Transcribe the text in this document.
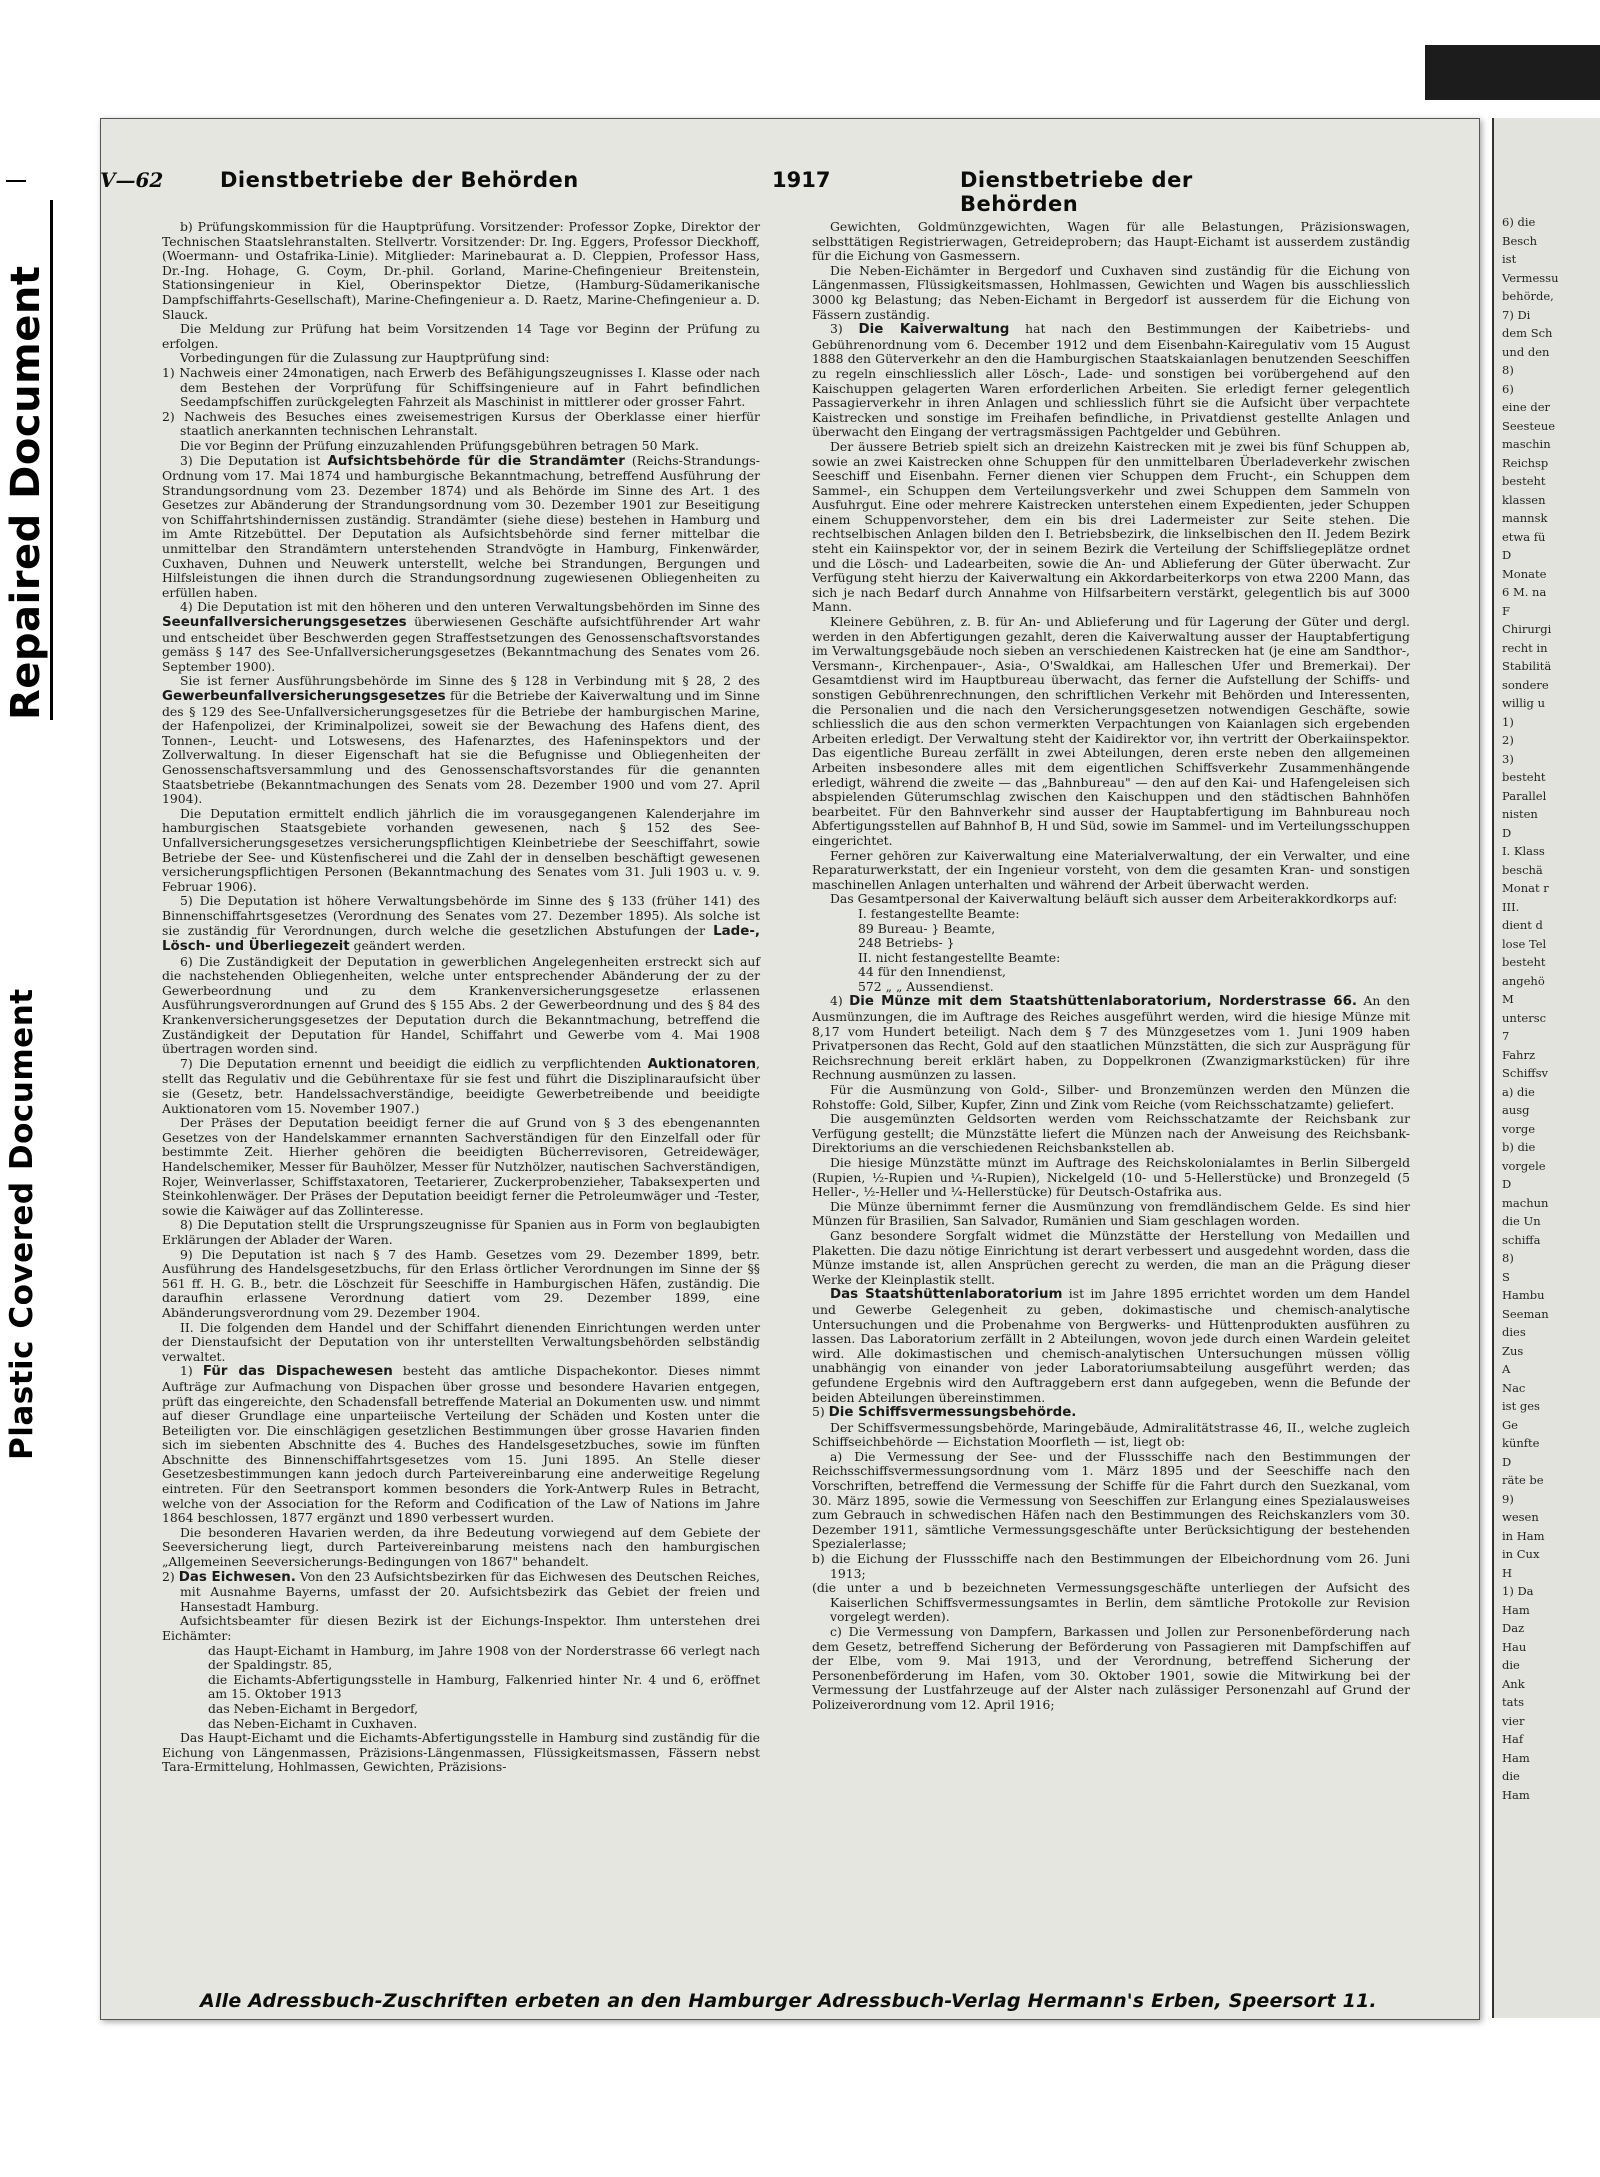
Repaired Document
Plastic Covered Document
6) die
Besch
ist
Vermessu
behörde,
7) Di
dem Sch
und den
8)
6)
eine der
Seesteue
maschin
Reichsp
besteht
klassen
mannsk
etwa fü
D
Monate
6 M. na
F
Chirurgi
recht in
Stabilitä
sondere
willig u
1)
2)
3)
besteht
Parallel
nisten
D
I. Klass
beschä
Monat r
III.
dient d
lose Tel
besteht
angehö
M
untersc
7
Fahrz
Schiffsv
a) die
ausg
vorge
b) die
vorgele
D
machun
die Un
schiffa
8)
S
Hambu
Seeman
dies
Zus
A
Nac
ist ges
Ge
künfte
D
räte be
9)
wesen
in Ham
in Cux
H
1) Da
Ham
Daz
Hau
die
Ank
tats
vier
Haf
Ham
die
Ham
V—62	Dienstbetriebe der Behörden	1917	Dienstbetriebe der Behörden

b) Prüfungskommission für die Hauptprüfung. Vorsitzender: Professor Zopke, Direktor der Technischen Staatslehranstalten. Stellvertr. Vorsitzender: Dr. Ing. Eggers, Professor Dieckhoff, (Woermann- und Ostafrika-Linie). Mitglieder: Marinebaurat a. D. Cleppien, Professor Hass, Dr.-Ing. Hohage, G. Coym, Dr.-phil. Gorland, Marine-Chefingenieur Breitenstein, Stationsingenieur in Kiel, Oberinspektor Dietze, (Hamburg-Südamerikanische Dampfschiffahrts-Gesellschaft), Marine-Chefingenieur a. D. Raetz, Marine-Chefingenieur a. D. Slauck.

Die Meldung zur Prüfung hat beim Vorsitzenden 14 Tage vor Beginn der Prüfung zu erfolgen.

Vorbedingungen für die Zulassung zur Hauptprüfung sind:

1) Nachweis einer 24monatigen, nach Erwerb des Befähigungszeugnisses I. Klasse oder nach dem Bestehen der Vorprüfung für Schiffsingenieure auf in Fahrt befindlichen Seedampfschiffen zurückgelegten Fahrzeit als Maschinist in mittlerer oder grosser Fahrt.

2) Nachweis des Besuches eines zweisemestrigen Kursus der Oberklasse einer hierfür staatlich anerkannten technischen Lehranstalt.

Die vor Beginn der Prüfung einzuzahlenden Prüfungsgebühren betragen 50 Mark.

3) Die Deputation ist Aufsichtsbehörde für die Strandämter (Reichs-Strandungs-Ordnung vom 17. Mai 1874 und hamburgische Bekanntmachung, betreffend Ausführung der Strandungsordnung vom 23. Dezember 1874) und als Behörde im Sinne des Art. 1 des Gesetzes zur Abänderung der Strandungsordnung vom 30. Dezember 1901 zur Beseitigung von Schiffahrtshindernissen zuständig. Strandämter (siehe diese) bestehen in Hamburg und im Amte Ritzebüttel. Der Deputation als Aufsichtsbehörde sind ferner mittelbar die unmittelbar den Strandämtern unterstehenden Strandvögte in Hamburg, Finkenwärder, Cuxhaven, Duhnen und Neuwerk unterstellt, welche bei Strandungen, Bergungen und Hilfsleistungen die ihnen durch die Strandungsordnung zugewiesenen Obliegenheiten zu erfüllen haben.

4) Die Deputation ist mit den höheren und den unteren Verwaltungsbehörden im Sinne des Seeunfallversicherungsgesetzes überwiesenen Geschäfte aufsichtführender Art wahr und entscheidet über Beschwerden gegen Straffestsetzungen des Genossenschaftsvorstandes gemäss § 147 des See-Unfallversicherungsgesetzes (Bekanntmachung des Senates vom 26. September 1900).

Sie ist ferner Ausführungsbehörde im Sinne des § 128 in Verbindung mit § 28, 2 des Gewerbeunfallversicherungsgesetzes für die Betriebe der Kaiverwaltung und im Sinne des § 129 des See-Unfallversicherungsgesetzes für die Betriebe der hamburgischen Marine, der Hafenpolizei, der Kriminalpolizei, soweit sie der Bewachung des Hafens dient, des Tonnen-, Leucht- und Lotswesens, des Hafenarztes, des Hafeninspektors und der Zollverwaltung. In dieser Eigenschaft hat sie die Befugnisse und Obliegenheiten der Genossenschaftsversammlung und des Genossenschaftsvorstandes für die genannten Staatsbetriebe (Bekanntmachungen des Senats vom 28. Dezember 1900 und vom 27. April 1904).

Die Deputation ermittelt endlich jährlich die im vorausgegangenen Kalenderjahre im hamburgischen Staatsgebiete vorhanden gewesenen, nach § 152 des See-Unfallversicherungsgesetzes versicherungspflichtigen Kleinbetriebe der Seeschiffahrt, sowie Betriebe der See- und Küstenfischerei und die Zahl der in denselben beschäftigt gewesenen versicherungspflichtigen Personen (Bekanntmachung des Senates vom 31. Juli 1903 u. v. 9. Februar 1906).

5) Die Deputation ist höhere Verwaltungsbehörde im Sinne des § 133 (früher 141) des Binnenschiffahrtsgesetzes (Verordnung des Senates vom 27. Dezember 1895). Als solche ist sie zuständig für Verordnungen, durch welche die gesetzlichen Abstufungen der Lade-, Lösch- und Überliegezeit geändert werden.

6) Die Zuständigkeit der Deputation in gewerblichen Angelegenheiten erstreckt sich auf die nachstehenden Obliegenheiten, welche unter entsprechender Abänderung der zu der Gewerbeordnung und zu dem Krankenversicherungsgesetze erlassenen Ausführungsverordnungen auf Grund des § 155 Abs. 2 der Gewerbeordnung und des § 84 des Krankenversicherungsgesetzes der Deputation durch die Bekanntmachung, betreffend die Zuständigkeit der Deputation für Handel, Schiffahrt und Gewerbe vom 4. Mai 1908 übertragen worden sind.

7) Die Deputation ernennt und beeidigt die eidlich zu verpflichtenden Auktionatoren, stellt das Regulativ und die Gebührentaxe für sie fest und führt die Disziplinaraufsicht über sie (Gesetz, betr. Handelssachverständige, beeidigte Gewerbetreibende und beeidigte Auktionatoren vom 15. November 1907.)

Der Präses der Deputation beeidigt ferner die auf Grund von § 3 des ebengenannten Gesetzes von der Handelskammer ernannten Sachverständigen für den Einzelfall oder für bestimmte Zeit. Hierher gehören die beeidigten Bücherrevisoren, Getreidewäger, Handelschemiker, Messer für Bauhölzer, Messer für Nutzhölzer, nautischen Sachverständigen, Rojer, Weinverlasser, Schiffstaxatoren, Teetarierer, Zuckerprobenzieher, Tabaksexperten und Steinkohlenwäger. Der Präses der Deputation beeidigt ferner die Petroleumwäger und -Tester, sowie die Kaiwäger auf das Zollinteresse.

8) Die Deputation stellt die Ursprungszeugnisse für Spanien aus in Form von beglaubigten Erklärungen der Ablader der Waren.

9) Die Deputation ist nach § 7 des Hamb. Gesetzes vom 29. Dezember 1899, betr. Ausführung des Handelsgesetzbuchs, für den Erlass örtlicher Verordnungen im Sinne der §§ 561 ff. H. G. B., betr. die Löschzeit für Seeschiffe in Hamburgischen Häfen, zuständig. Die daraufhin erlassene Verordnung datiert vom 29. Dezember 1899, eine Abänderungsverordnung vom 29. Dezember 1904.

II. Die folgenden dem Handel und der Schiffahrt dienenden Einrichtungen werden unter der Dienstaufsicht der Deputation von ihr unterstellten Verwaltungsbehörden selbständig verwaltet.

1) Für das Dispachewesen besteht das amtliche Dispachekontor. Dieses nimmt Aufträge zur Aufmachung von Dispachen über grosse und besondere Havarien entgegen, prüft das eingereichte, den Schadensfall betreffende Material an Dokumenten usw. und nimmt auf dieser Grundlage eine unparteiische Verteilung der Schäden und Kosten unter die Beteiligten vor. Die einschlägigen gesetzlichen Bestimmungen über grosse Havarien finden sich im siebenten Abschnitte des 4. Buches des Handelsgesetzbuches, sowie im fünften Abschnitte des Binnenschiffahrtsgesetzes vom 15. Juni 1895. An Stelle dieser Gesetzesbestimmungen kann jedoch durch Parteivereinbarung eine anderweitige Regelung eintreten. Für den Seetransport kommen besonders die York-Antwerp Rules in Betracht, welche von der Association for the Reform and Codification of the Law of Nations im Jahre 1864 beschlossen, 1877 ergänzt und 1890 verbessert wurden.

Die besonderen Havarien werden, da ihre Bedeutung vorwiegend auf dem Gebiete der Seeversicherung liegt, durch Parteivereinbarung meistens nach den hamburgischen „Allgemeinen Seeversicherungs-Bedingungen von 1867" behandelt.

2) Das Eichwesen. Von den 23 Aufsichtsbezirken für das Eichwesen des Deutschen Reiches, mit Ausnahme Bayerns, umfasst der 20. Aufsichtsbezirk das Gebiet der freien und Hansestadt Hamburg.

Aufsichtsbeamter für diesen Bezirk ist der Eichungs-Inspektor. Ihm unterstehen drei Eichämter:

das Haupt-Eichamt in Hamburg, im Jahre 1908 von der Norderstrasse 66 verlegt nach der Spaldingstr. 85,

die Eichamts-Abfertigungsstelle in Hamburg, Falkenried hinter Nr. 4 und 6, eröffnet am 15. Oktober 1913

das Neben-Eichamt in Bergedorf,

das Neben-Eichamt in Cuxhaven.

Das Haupt-Eichamt und die Eichamts-Abfertigungsstelle in Hamburg sind zuständig für die Eichung von Längenmassen, Präzisions-Längenmassen, Flüssigkeitsmassen, Fässern nebst Tara-Ermittelung, Hohlmassen, Gewichten, Präzisions-

Gewichten, Goldmünzgewichten, Wagen für alle Belastungen, Präzisionswagen, selbsttätigen Registrierwagen, Getreideprobern; das Haupt-Eichamt ist ausserdem zuständig für die Eichung von Gasmessern.

Die Neben-Eichämter in Bergedorf und Cuxhaven sind zuständig für die Eichung von Längenmassen, Flüssigkeitsmassen, Hohlmassen, Gewichten und Wagen bis ausschliesslich 3000 kg Belastung; das Neben-Eichamt in Bergedorf ist ausserdem für die Eichung von Fässern zuständig.

3) Die Kaiverwaltung hat nach den Bestimmungen der Kaibetriebs- und Gebührenordnung vom 6. December 1912 und dem Eisenbahn-Kairegulativ vom 15 August 1888 den Güterverkehr an den die Hamburgischen Staatskaianlagen benutzenden Seeschiffen zu regeln einschliesslich aller Lösch-, Lade- und sonstigen bei vorübergehend auf den Kaischuppen gelagerten Waren erforderlichen Arbeiten. Sie erledigt ferner gelegentlich Passagierverkehr in ihren Anlagen und schliesslich führt sie die Aufsicht über verpachtete Kaistrecken und sonstige im Freihafen befindliche, in Privatdienst gestellte Anlagen und überwacht den Eingang der vertragsmässigen Pachtgelder und Gebühren.

Der äussere Betrieb spielt sich an dreizehn Kaistrecken mit je zwei bis fünf Schuppen ab, sowie an zwei Kaistrecken ohne Schuppen für den unmittelbaren Überladeverkehr zwischen Seeschiff und Eisenbahn. Ferner dienen vier Schuppen dem Frucht-, ein Schuppen dem Sammel-, ein Schuppen dem Verteilungsverkehr und zwei Schuppen dem Sammeln von Ausfuhrgut. Eine oder mehrere Kaistrecken unterstehen einem Expedienten, jeder Schuppen einem Schuppenvorsteher, dem ein bis drei Ladermeister zur Seite stehen. Die rechtselbischen Anlagen bilden den I. Betriebsbezirk, die linkselbischen den II. Jedem Bezirk steht ein Kaiinspektor vor, der in seinem Bezirk die Verteilung der Schiffsliegeplätze ordnet und die Lösch- und Ladearbeiten, sowie die An- und Ablieferung der Güter überwacht. Zur Verfügung steht hierzu der Kaiverwaltung ein Akkordarbeiterkorps von etwa 2200 Mann, das sich je nach Bedarf durch Annahme von Hilfsarbeitern verstärkt, gelegentlich bis auf 3000 Mann.

Kleinere Gebühren, z. B. für An- und Ablieferung und für Lagerung der Güter und dergl. werden in den Abfertigungen gezahlt, deren die Kaiverwaltung ausser der Hauptabfertigung im Verwaltungsgebäude noch sieben an verschiedenen Kaistrecken hat (je eine am Sandthor-, Versmann-, Kirchenpauer-, Asia-, O'Swaldkai, am Halleschen Ufer und Bremerkai). Der Gesamtdienst wird im Hauptbureau überwacht, das ferner die Aufstellung der Schiffs- und sonstigen Gebührenrechnungen, den schriftlichen Verkehr mit Behörden und Interessenten, die Personalien und die nach den Versicherungsgesetzen notwendigen Geschäfte, sowie schliesslich die aus den schon vermerkten Verpachtungen von Kaianlagen sich ergebenden Arbeiten erledigt. Der Verwaltung steht der Kaidirektor vor, ihn vertritt der Oberkaiinspektor. Das eigentliche Bureau zerfällt in zwei Abteilungen, deren erste neben den allgemeinen Arbeiten insbesondere alles mit dem eigentlichen Schiffsverkehr Zusammenhängende erledigt, während die zweite — das „Bahnbureau" — den auf den Kai- und Hafengeleisen sich abspielenden Güterumschlag zwischen den Kaischuppen und den städtischen Bahnhöfen bearbeitet. Für den Bahnverkehr sind ausser der Hauptabfertigung im Bahnbureau noch Abfertigungsstellen auf Bahnhof B, H und Süd, sowie im Sammel- und im Verteilungsschuppen eingerichtet.

Ferner gehören zur Kaiverwaltung eine Materialverwaltung, der ein Verwalter, und eine Reparaturwerkstatt, der ein Ingenieur vorsteht, von dem die gesamten Kran- und sonstigen maschinellen Anlagen unterhalten und während der Arbeit überwacht werden.

Das Gesamtpersonal der Kaiverwaltung beläuft sich ausser dem Arbeiterakkordkorps auf:

I. festangestellte Beamte:

89 Bureau- } Beamte,

248 Betriebs- }

II. nicht festangestellte Beamte:

44 für den Innendienst,

572 „ „ Aussendienst.

4) Die Münze mit dem Staatshüttenlaboratorium, Norderstrasse 66. An den Ausmünzungen, die im Auftrage des Reiches ausgeführt werden, wird die hiesige Münze mit 8,17 vom Hundert beteiligt. Nach dem § 7 des Münzgesetzes vom 1. Juni 1909 haben Privatpersonen das Recht, Gold auf den staatlichen Münzstätten, die sich zur Ausprägung für Reichsrechnung bereit erklärt haben, zu Doppelkronen (Zwanzigmarkstücken) für ihre Rechnung ausmünzen zu lassen.

Für die Ausmünzung von Gold-, Silber- und Bronzemünzen werden den Münzen die Rohstoffe: Gold, Silber, Kupfer, Zinn und Zink vom Reiche (vom Reichsschatzamte) geliefert.

Die ausgemünzten Geldsorten werden vom Reichsschatzamte der Reichsbank zur Verfügung gestellt; die Münzstätte liefert die Münzen nach der Anweisung des Reichsbank-Direktoriums an die verschiedenen Reichsbankstellen ab.

Die hiesige Münzstätte münzt im Auftrage des Reichskolonialamtes in Berlin Silbergeld (Rupien, ½-Rupien und ¼-Rupien), Nickelgeld (10- und 5-Hellerstücke) und Bronzegeld (5 Heller-, ½-Heller und ¼-Hellerstücke) für Deutsch-Ostafrika aus.

Die Münze übernimmt ferner die Ausmünzung von fremdländischem Gelde. Es sind hier Münzen für Brasilien, San Salvador, Rumänien und Siam geschlagen worden.

Ganz besondere Sorgfalt widmet die Münzstätte der Herstellung von Medaillen und Plaketten. Die dazu nötige Einrichtung ist derart verbessert und ausgedehnt worden, dass die Münze imstande ist, allen Ansprüchen gerecht zu werden, die man an die Prägung dieser Werke der Kleinplastik stellt.

Das Staatshüttenlaboratorium ist im Jahre 1895 errichtet worden um dem Handel und Gewerbe Gelegenheit zu geben, dokimastische und chemisch-analytische Untersuchungen und die Probenahme von Bergwerks- und Hüttenprodukten ausführen zu lassen. Das Laboratorium zerfällt in 2 Abteilungen, wovon jede durch einen Wardein geleitet wird. Alle dokimastischen und chemisch-analytischen Untersuchungen müssen völlig unabhängig von einander von jeder Laboratoriumsabteilung ausgeführt werden; das gefundene Ergebnis wird den Auftraggebern erst dann aufgegeben, wenn die Befunde der beiden Abteilungen übereinstimmen.

5) Die Schiffsvermessungsbehörde.

Der Schiffsvermessungsbehörde, Maringebäude, Admiralitätstrasse 46, II., welche zugleich Schiffseichbehörde — Eichstation Moorfleth — ist, liegt ob:

a) Die Vermessung der See- und der Flussschiffe nach den Bestimmungen der Reichsschiffsvermessungsordnung vom 1. März 1895 und der Seeschiffe nach den Vorschriften, betreffend die Vermessung der Schiffe für die Fahrt durch den Suezkanal, vom 30. März 1895, sowie die Vermessung von Seeschiffen zur Erlangung eines Spezialausweises zum Gebrauch in schwedischen Häfen nach den Bestimmungen des Reichskanzlers vom 30. Dezember 1911, sämtliche Vermessungsgeschäfte unter Berücksichtigung der bestehenden Spezialerlasse;

b) die Eichung der Flussschiffe nach den Bestimmungen der Elbeichordnung vom 26. Juni 1913;

(die unter a und b bezeichneten Vermessungsgeschäfte unterliegen der Aufsicht des Kaiserlichen Schiffsvermessungsamtes in Berlin, dem sämtliche Protokolle zur Revision vorgelegt werden).

c) Die Vermessung von Dampfern, Barkassen und Jollen zur Personenbeförderung nach dem Gesetz, betreffend Sicherung der Beförderung von Passagieren mit Dampfschiffen auf der Elbe, vom 9. Mai 1913, und der Verordnung, betreffend Sicherung der Personenbeförderung im Hafen, vom 30. Oktober 1901, sowie die Mitwirkung bei der Vermessung der Lustfahrzeuge auf der Alster nach zulässiger Personenzahl auf Grund der Polizeiverordnung vom 12. April 1916;

Alle Adressbuch-Zuschriften erbeten an den Hamburger Adressbuch-Verlag Hermann's Erben, Speersort 11.
